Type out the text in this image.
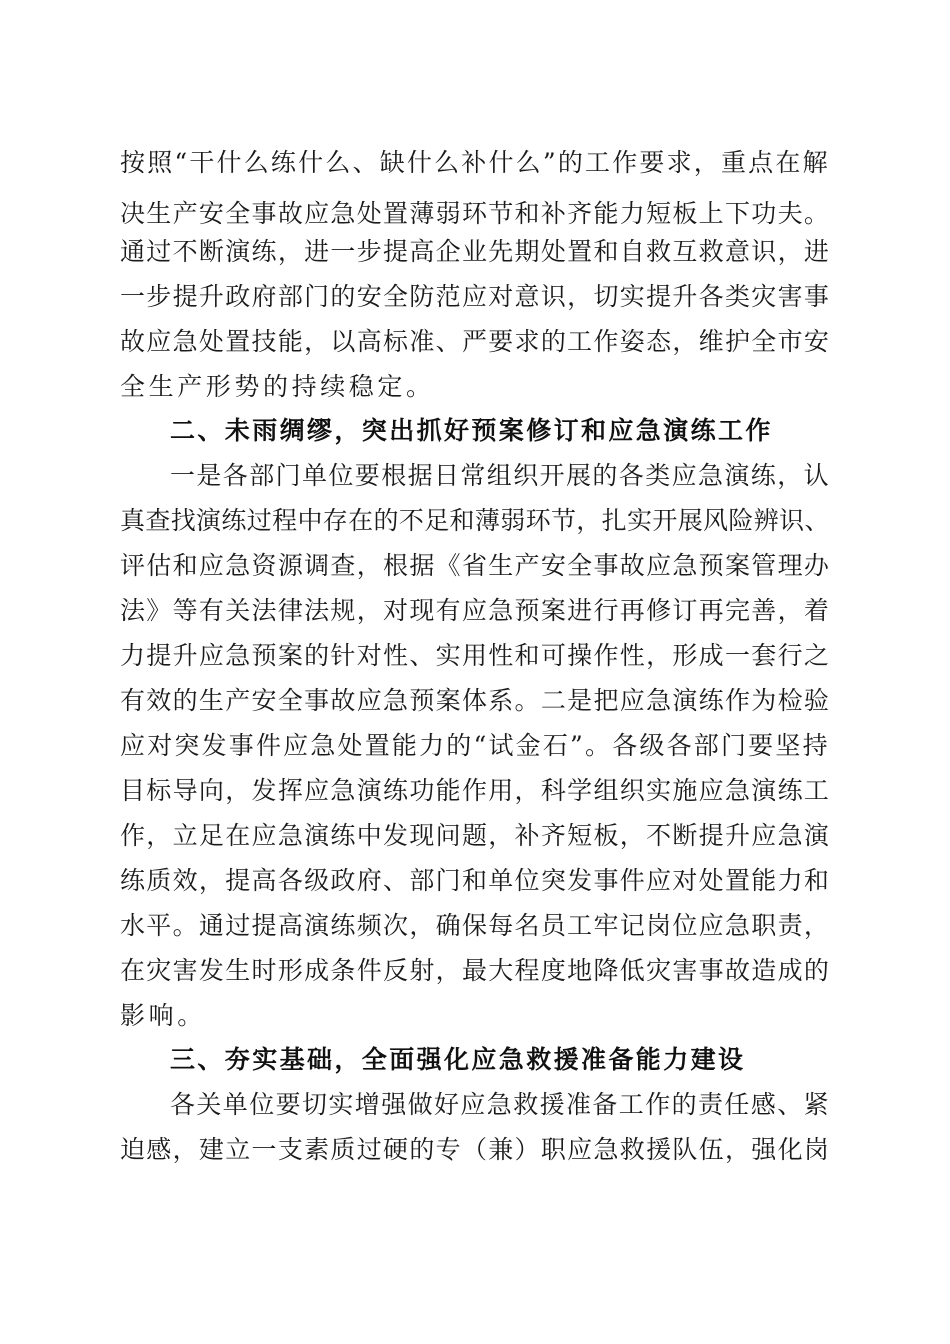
按照“干什么练什么、缺什么补什么”的工作要求，重点在解
决生产安全事故应急处置薄弱环节和补齐能力短板上下功夫。
通过不断演练，进一步提高企业先期处置和自救互救意识，进
一步提升政府部门的安全防范应对意识，切实提升各类灾害事
故应急处置技能，以高标准、严要求的工作姿态，维护全市安
全生产形势的持续稳定。
二、未雨绸缪，突出抓好预案修订和应急演练工作
一是各部门单位要根据日常组织开展的各类应急演练，认
真查找演练过程中存在的不足和薄弱环节，扎实开展风险辨识、
评估和应急资源调查，根据《省生产安全事故应急预案管理办
法》等有关法律法规，对现有应急预案进行再修订再完善，着
力提升应急预案的针对性、实用性和可操作性，形成一套行之
有效的生产安全事故应急预案体系。二是把应急演练作为检验
应对突发事件应急处置能力的“试金石”。各级各部门要坚持
目标导向，发挥应急演练功能作用，科学组织实施应急演练工
作，立足在应急演练中发现问题，补齐短板，不断提升应急演
练质效，提高各级政府、部门和单位突发事件应对处置能力和
水平。通过提高演练频次，确保每名员工牢记岗位应急职责，
在灾害发生时形成条件反射，最大程度地降低灾害事故造成的
影响。
三、夯实基础，全面强化应急救援准备能力建设
各关单位要切实增强做好应急救援准备工作的责任感、紧
迫感，建立一支素质过硬的专（兼）职应急救援队伍，强化岗
